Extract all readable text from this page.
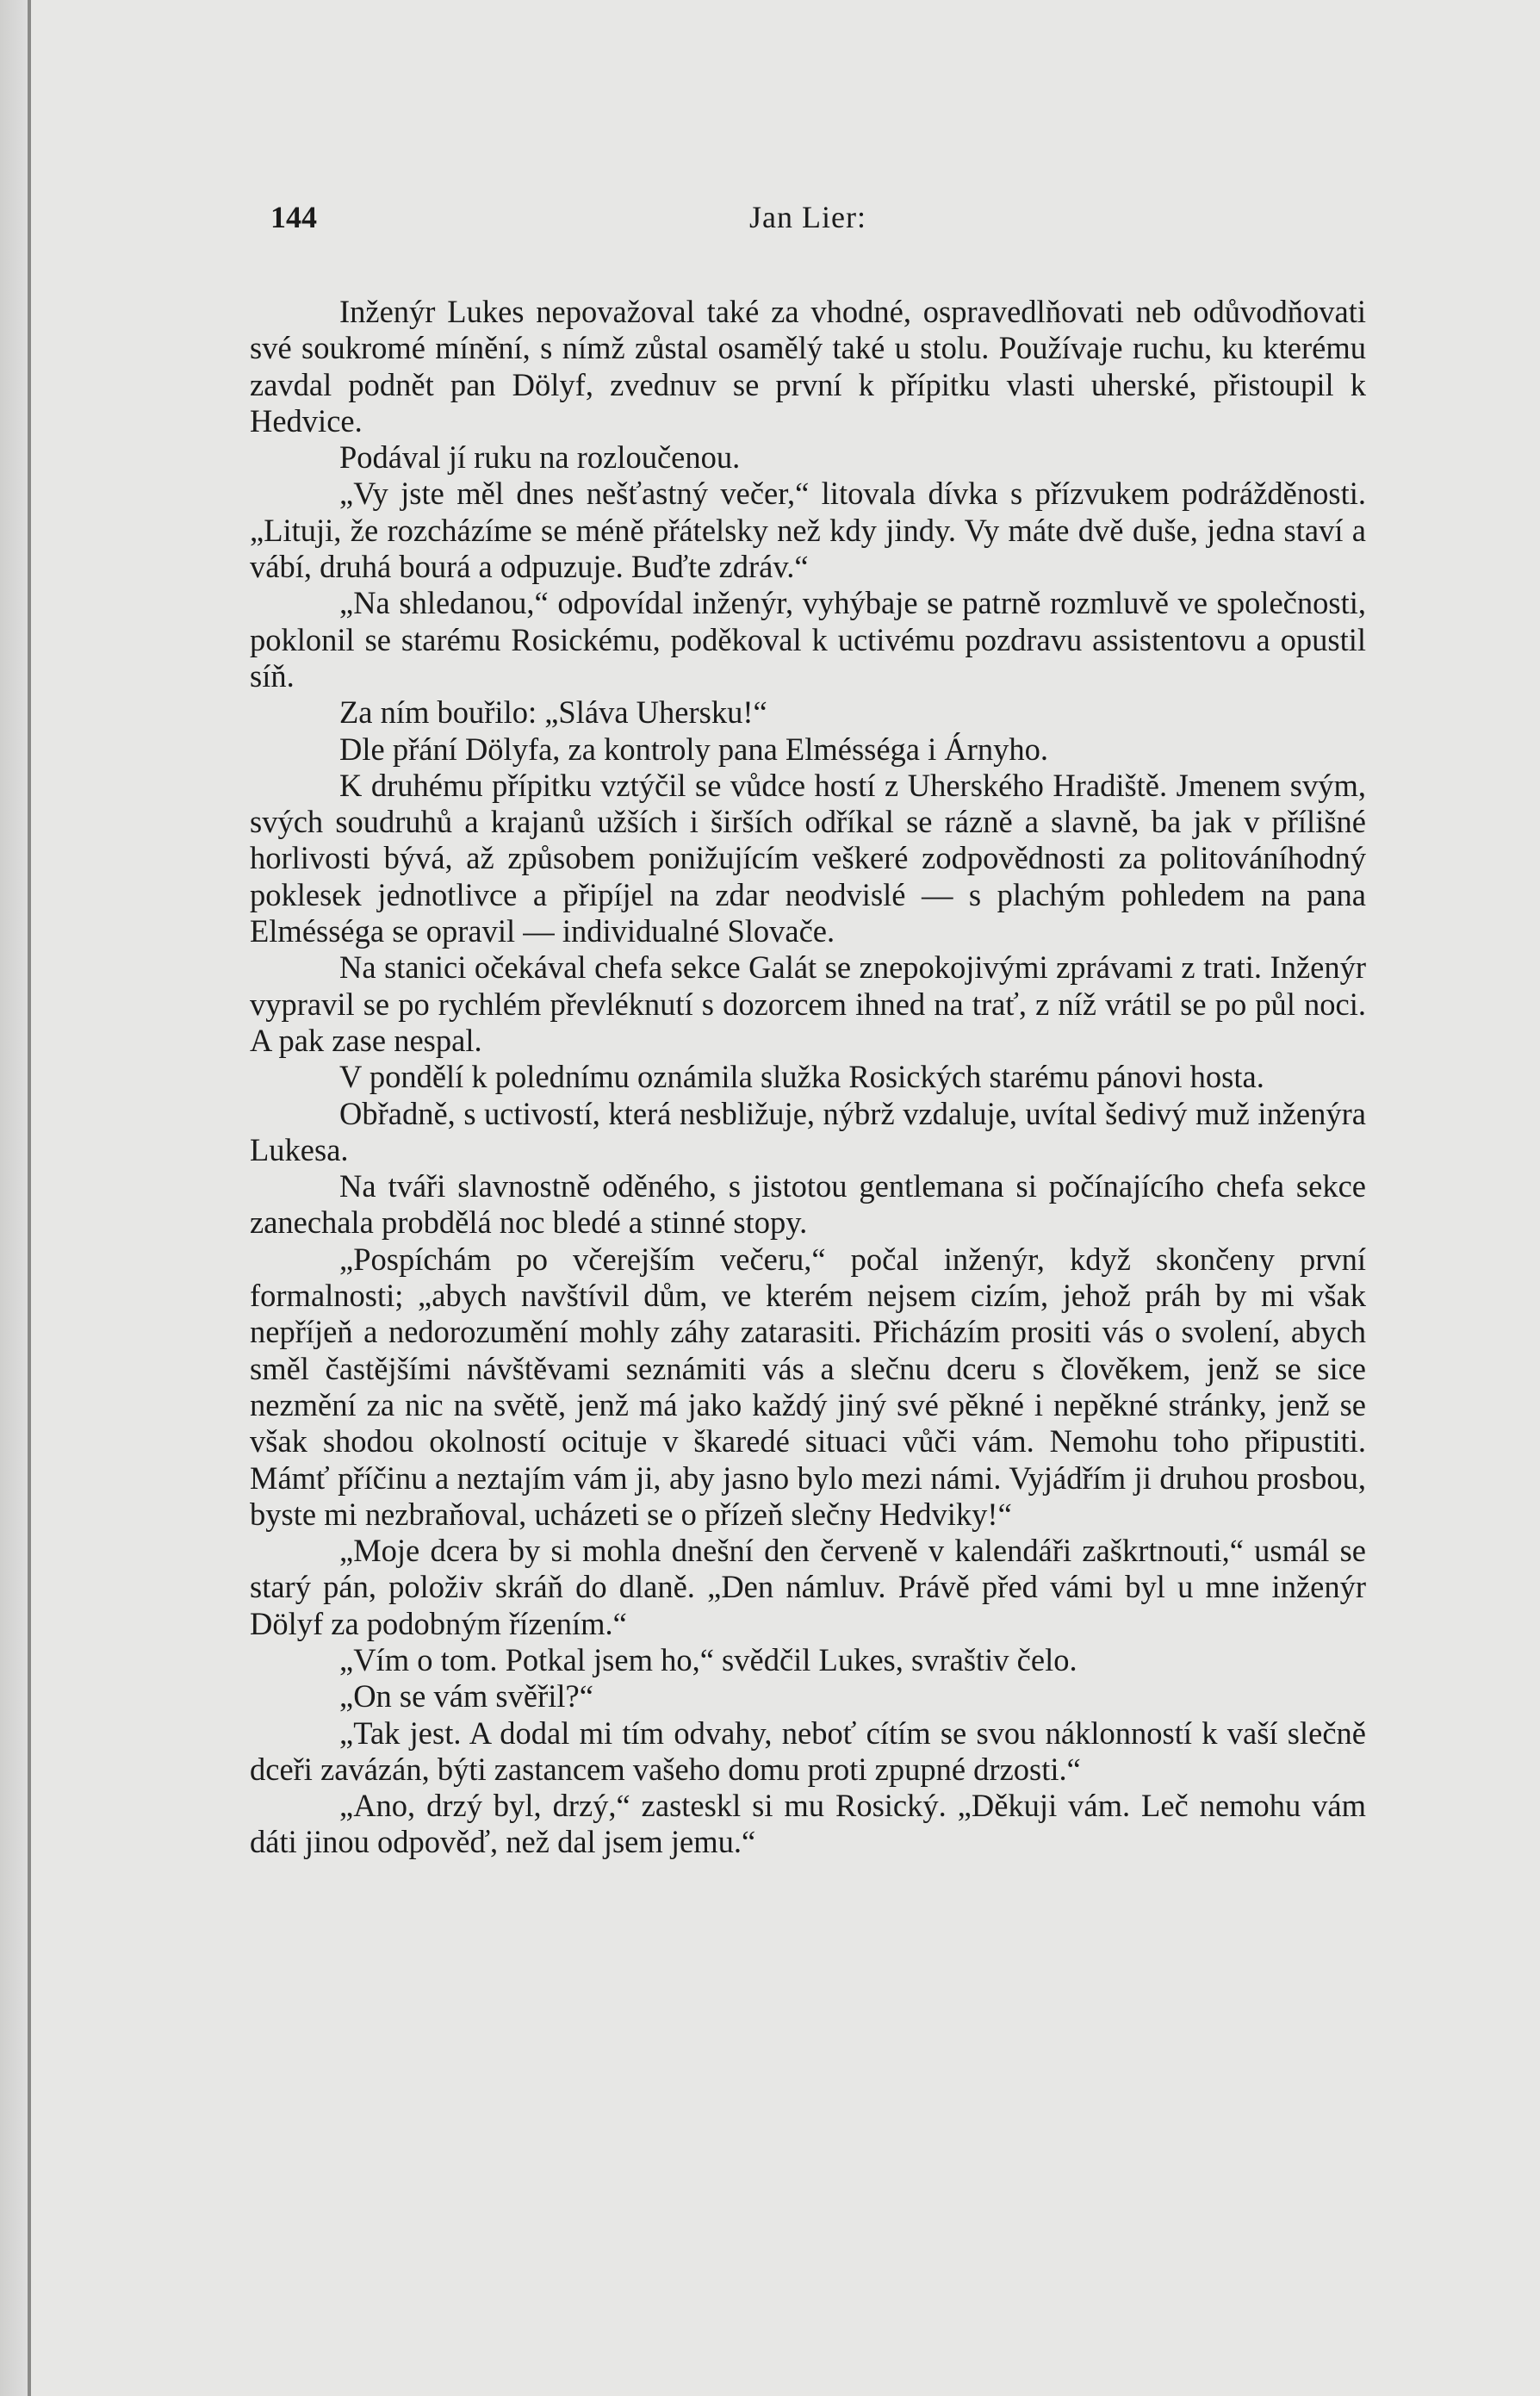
144	Jan Lier:

Inženýr Lukes nepovažoval také za vhodné, ospravedlňovati neb odůvodňovati své soukromé mínění, s nímž zůstal osamělý také u stolu. Používaje ruchu, ku kterému zavdal podnět pan Dölyf, zvednuv se první k přípitku vlasti uherské, přistoupil k Hedvice.

Podával jí ruku na rozloučenou.

„Vy jste měl dnes nešťastný večer,“ litovala dívka s přízvukem podrážděnosti. „Lituji, že rozcházíme se méně přátelsky než kdy jindy. Vy máte dvě duše, jedna staví a vábí, druhá bourá a odpuzuje. Buďte zdráv.“

„Na shledanou,“ odpovídal inženýr, vyhýbaje se patrně rozmluvě ve společnosti, poklonil se starému Rosickému, poděkoval k uctivému pozdravu assistentovu a opustil síň.

Za ním bouřilo: „Sláva Uhersku!“

Dle přání Dölyfa, za kontroly pana Elmésséga i Árnyho.

K druhému přípitku vztýčil se vůdce hostí z Uherského Hradiště. Jmenem svým, svých soudruhů a krajanů užších i širších odříkal se rázně a slavně, ba jak v přílišné horlivosti bývá, až způsobem ponižujícím veškeré zodpovědnosti za politováníhodný poklesek jednotlivce a připíjel na zdar neodvislé — s plachým pohledem na pana Elmésséga se opravil — individualné Slovače.

Na stanici očekával chefa sekce Galát se znepokojivými zprávami z trati. Inženýr vypravil se po rychlém převléknutí s dozorcem ihned na trať, z níž vrátil se po půl noci. A pak zase nespal.

V pondělí k polednímu oznámila služka Rosických starému pánovi hosta.

Obřadně, s uctivostí, která nesbližuje, nýbrž vzdaluje, uvítal šedivý muž inženýra Lukesa.

Na tváři slavnostně oděného, s jistotou gentlemana si počínajícího chefa sekce zanechala probdělá noc bledé a stinné stopy.

„Pospíchám po včerejším večeru,“ počal inženýr, když skončeny první formalnosti; „abych navštívil dům, ve kterém nejsem cizím, jehož práh by mi však nepříjeň a nedorozumění mohly záhy zatarasiti. Přicházím prositi vás o svolení, abych směl častějšími návštěvami seznámiti vás a slečnu dceru s člověkem, jenž se sice nezmění za nic na světě, jenž má jako každý jiný své pěkné i nepěkné stránky, jenž se však shodou okolností ocituje v škaredé situaci vůči vám. Nemohu toho připustiti. Mámť příčinu a neztajím vám ji, aby jasno bylo mezi námi. Vyjádřím ji druhou prosbou, byste mi nezbraňoval, ucházeti se o přízeň slečny Hedviky!“

„Moje dcera by si mohla dnešní den červeně v kalendáři zaškrtnouti,“ usmál se starý pán, položiv skráň do dlaně. „Den námluv. Právě před vámi byl u mne inženýr Dölyf za podobným řízením.“

„Vím o tom. Potkal jsem ho,“ svědčil Lukes, svraštiv čelo.

„On se vám svěřil?“

„Tak jest. A dodal mi tím odvahy, neboť cítím se svou náklonností k vaší slečně dceři zavázán, býti zastancem vašeho domu proti zpupné drzosti.“

„Ano, drzý byl, drzý,“ zasteskl si mu Rosický. „Děkuji vám. Leč nemohu vám dáti jinou odpověď, než dal jsem jemu.“
